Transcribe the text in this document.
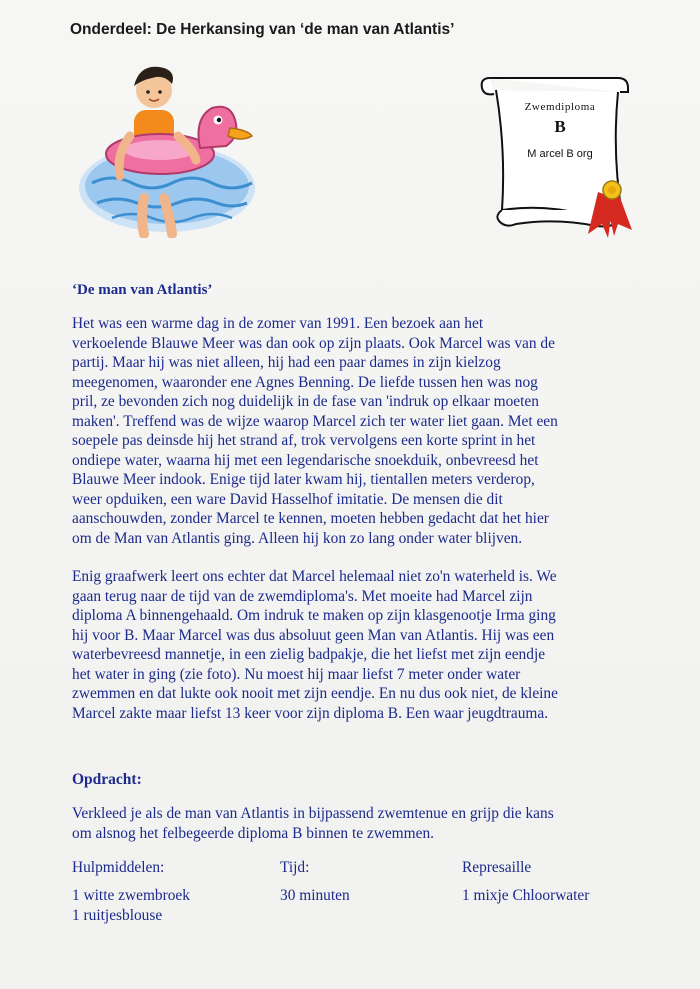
Onderdeel: De Herkansing van ‘de man van Atlantis’
Zwemdiploma
B
M arcel B org
‘De man van Atlantis’
Het was een warme dag in de zomer van 1991. Een bezoek aan het
verkoelende Blauwe Meer was dan ook op zijn plaats. Ook Marcel was van de
partij. Maar hij was niet alleen, hij had een paar dames in zijn kielzog
meegenomen, waaronder ene Agnes Benning. De liefde tussen hen was nog
pril, ze bevonden zich nog duidelijk in de fase van 'indruk op elkaar moeten
maken'. Treffend was de wijze waarop Marcel zich ter water liet gaan. Met een
soepele pas deinsde hij het strand af, trok vervolgens een korte sprint in het
ondiepe water, waarna hij met een legendarische snoekduik, onbevreesd het
Blauwe Meer indook. Enige tijd later kwam hij, tientallen meters verderop,
weer opduiken, een ware David Hasselhof imitatie. De mensen die dit
aanschouwden, zonder Marcel te kennen, moeten hebben gedacht dat het hier
om de Man van Atlantis ging. Alleen hij kon zo lang onder water blijven.
Enig graafwerk leert ons echter dat Marcel helemaal niet zo'n waterheld is. We
gaan terug naar de tijd van de zwemdiploma's. Met moeite had Marcel zijn
diploma A binnengehaald. Om indruk te maken op zijn klasgenootje Irma ging
hij voor B. Maar Marcel was dus absoluut geen Man van Atlantis. Hij was een
waterbevreesd mannetje, in een zielig badpakje, die het liefst met zijn eendje
het water in ging (zie foto). Nu moest hij maar liefst 7 meter onder water
zwemmen en dat lukte ook nooit met zijn eendje. En nu dus ook niet, de kleine
Marcel zakte maar liefst 13 keer voor zijn diploma B. Een waar jeugdtrauma.
Opdracht:
Verkleed je als de man van Atlantis in bijpassend zwemtenue en grijp die kans
om alsnog het felbegeerde diploma B binnen te zwemmen.
Hulpmiddelen:
1 witte zwembroek
1 ruitjesblouse
Tijd:
30 minuten
Represaille
1 mixje Chloorwater
